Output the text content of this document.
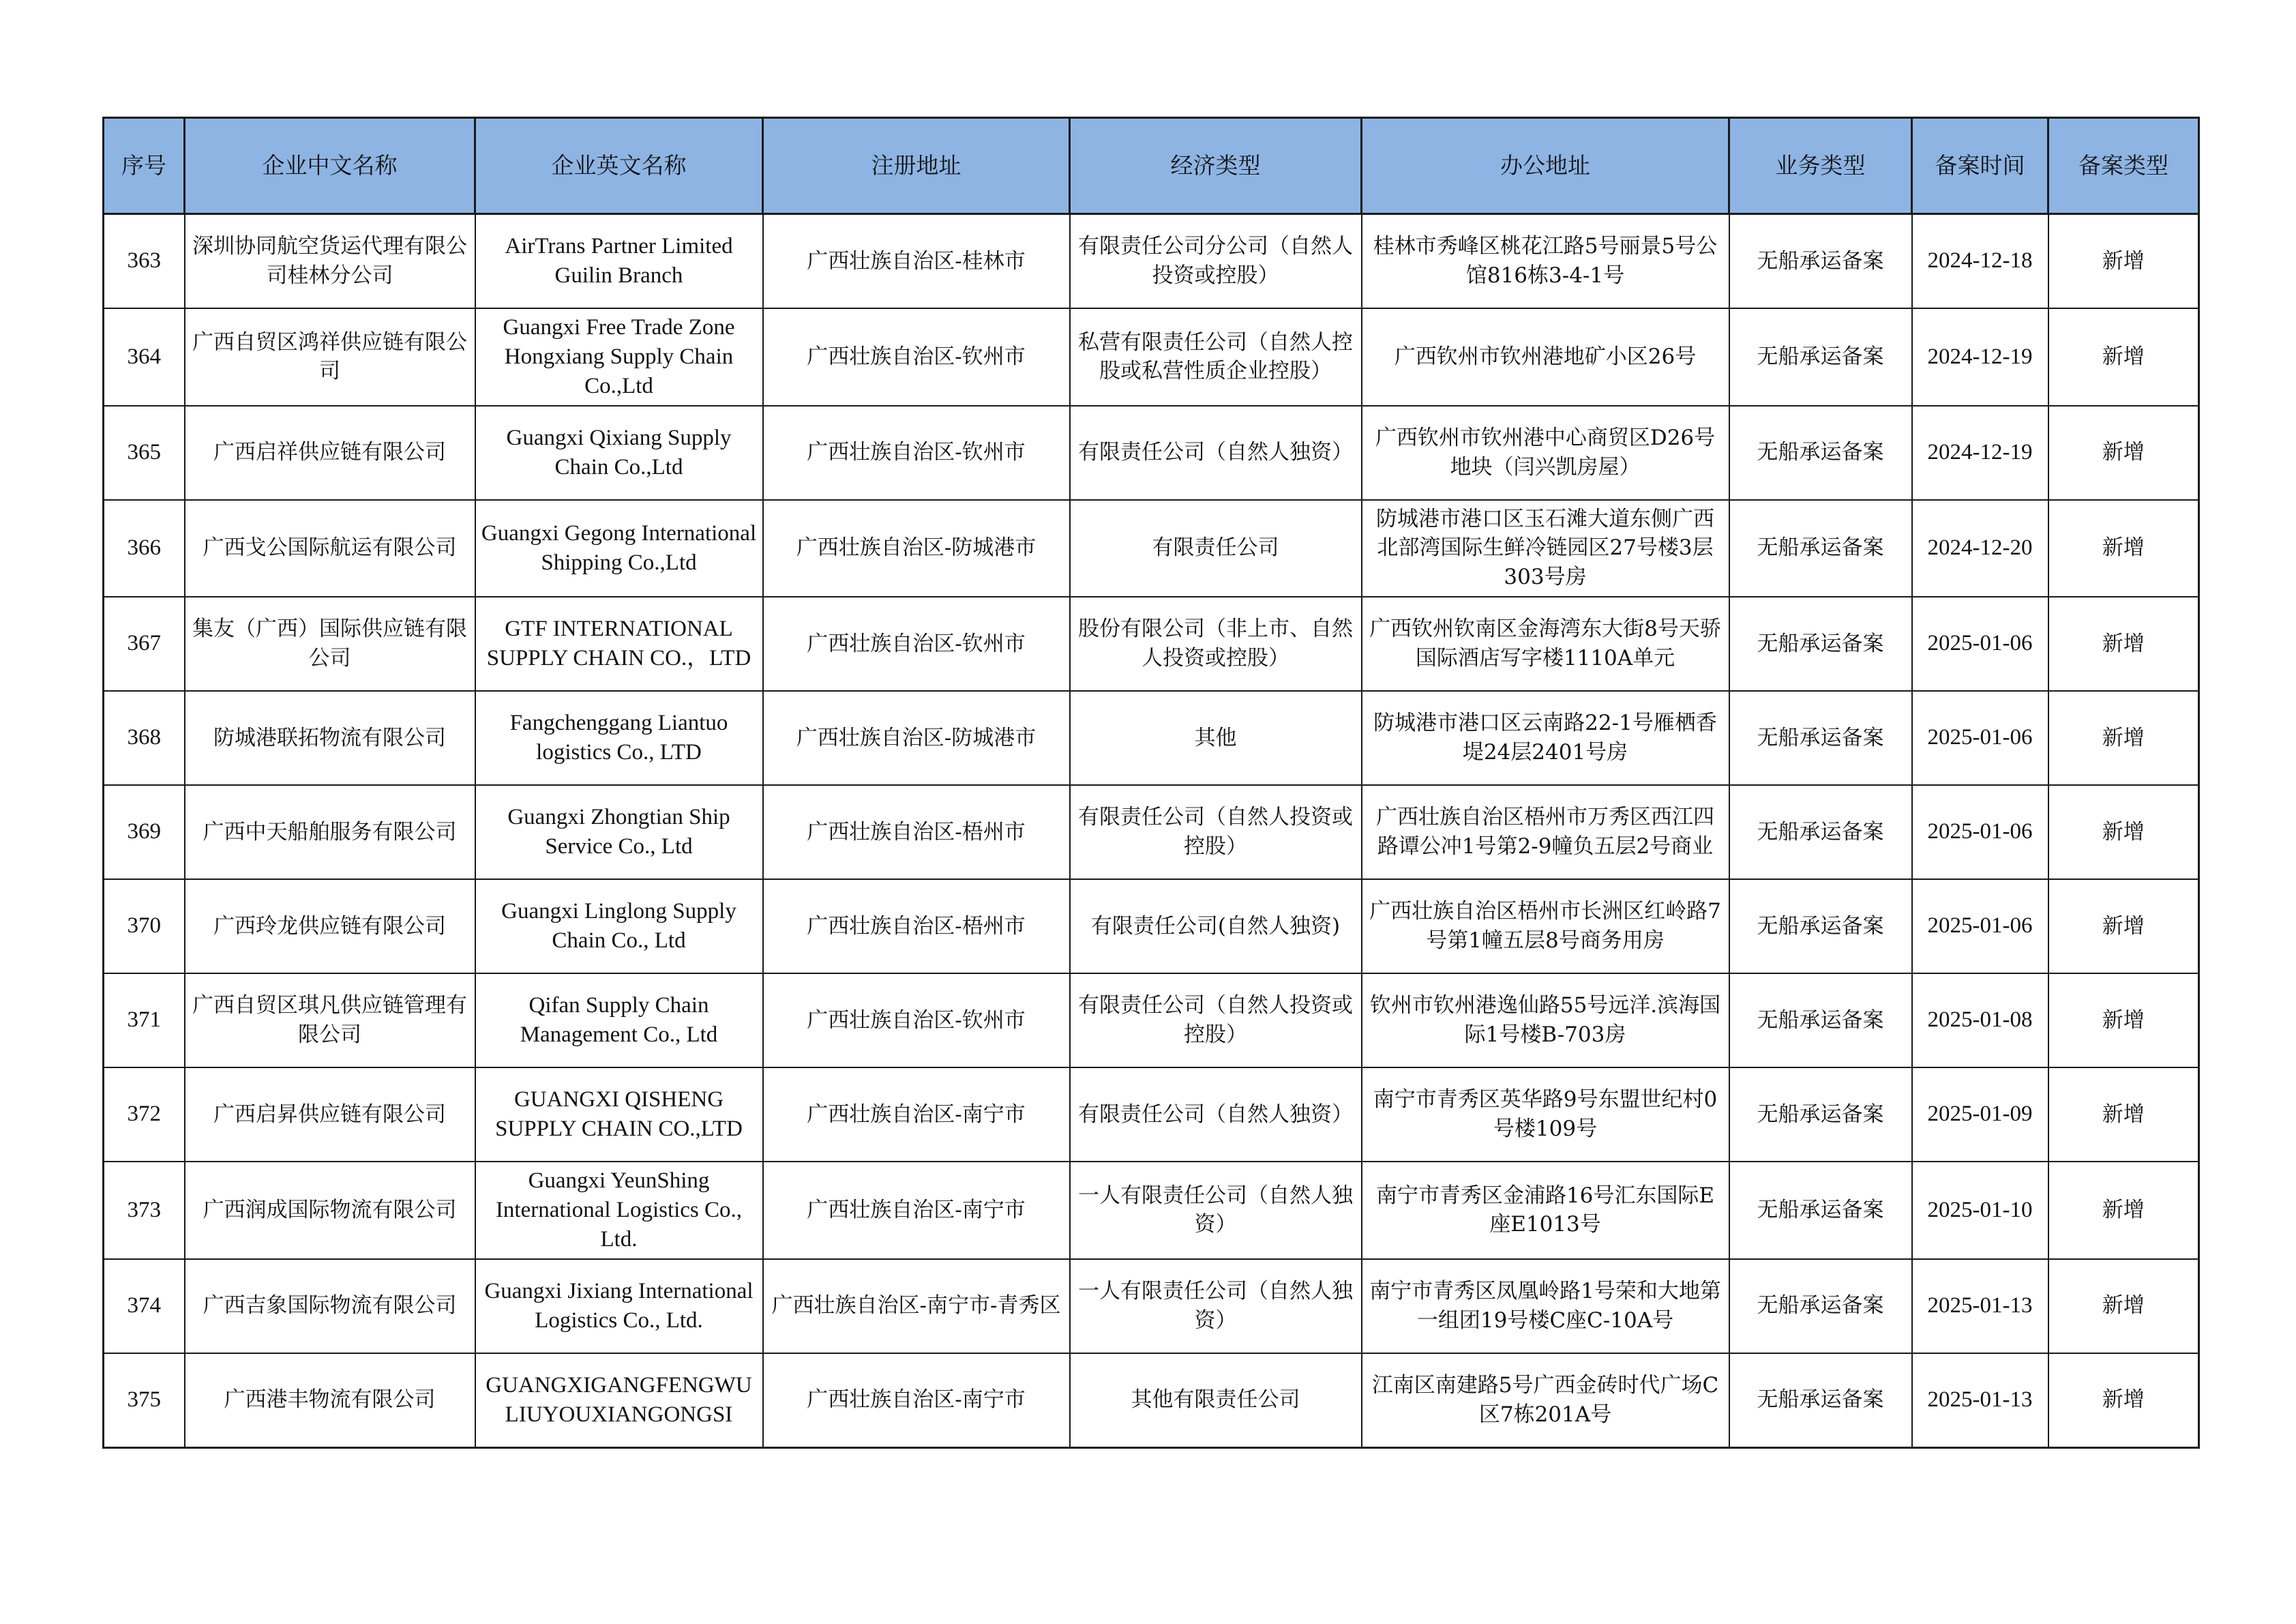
序号	企业中文名称	企业英文名称	注册地址	经济类型	办公地址	业务类型	备案时间	备案类型
363	深圳协同航空货运代理有限公司桂林分公司	AirTrans Partner Limited Guilin Branch	广西壮族自治区-桂林市	有限责任公司分公司（自然人投资或控股）	桂林市秀峰区桃花江路5号丽景5号公馆816栋3-4-1号	无船承运备案	2024-12-18	新增
364	广西自贸区鸿祥供应链有限公司	Guangxi Free Trade Zone Hongxiang Supply Chain Co.,Ltd	广西壮族自治区-钦州市	私营有限责任公司（自然人控股或私营性质企业控股）	广西钦州市钦州港地矿小区26号	无船承运备案	2024-12-19	新增
365	广西启祥供应链有限公司	Guangxi Qixiang Supply Chain Co.,Ltd	广西壮族自治区-钦州市	有限责任公司（自然人独资）	广西钦州市钦州港中心商贸区D26号地块（闫兴凯房屋）	无船承运备案	2024-12-19	新增
366	广西戈公国际航运有限公司	Guangxi Gegong International Shipping Co.,Ltd	广西壮族自治区-防城港市	有限责任公司	防城港市港口区玉石滩大道东侧广西北部湾国际生鲜冷链园区27号楼3层303号房	无船承运备案	2024-12-20	新增
367	集友（广西）国际供应链有限公司	GTF INTERNATIONAL SUPPLY CHAIN CO.，LTD	广西壮族自治区-钦州市	股份有限公司（非上市、自然人投资或控股）	广西钦州钦南区金海湾东大街8号天骄国际酒店写字楼1110A单元	无船承运备案	2025-01-06	新增
368	防城港联拓物流有限公司	Fangchenggang Liantuo logistics Co., LTD	广西壮族自治区-防城港市	其他	防城港市港口区云南路22-1号雁栖香堤24层2401号房	无船承运备案	2025-01-06	新增
369	广西中天船舶服务有限公司	Guangxi Zhongtian Ship Service Co., Ltd	广西壮族自治区-梧州市	有限责任公司（自然人投资或控股）	广西壮族自治区梧州市万秀区西江四路谭公冲1号第2-9幢负五层2号商业	无船承运备案	2025-01-06	新增
370	广西玲龙供应链有限公司	Guangxi Linglong Supply Chain Co., Ltd	广西壮族自治区-梧州市	有限责任公司(自然人独资)	广西壮族自治区梧州市长洲区红岭路7号第1幢五层8号商务用房	无船承运备案	2025-01-06	新增
371	广西自贸区琪凡供应链管理有限公司	Qifan Supply Chain Management Co., Ltd	广西壮族自治区-钦州市	有限责任公司（自然人投资或控股）	钦州市钦州港逸仙路55号远洋.滨海国际1号楼B-703房	无船承运备案	2025-01-08	新增
372	广西启昇供应链有限公司	GUANGXI QISHENG SUPPLY CHAIN CO.,LTD	广西壮族自治区-南宁市	有限责任公司（自然人独资）	南宁市青秀区英华路9号东盟世纪村0号楼109号	无船承运备案	2025-01-09	新增
373	广西润成国际物流有限公司	Guangxi YeunShing International Logistics Co., Ltd.	广西壮族自治区-南宁市	一人有限责任公司（自然人独资）	南宁市青秀区金浦路16号汇东国际E座E1013号	无船承运备案	2025-01-10	新增
374	广西吉象国际物流有限公司	Guangxi Jixiang International Logistics Co., Ltd.	广西壮族自治区-南宁市-青秀区	一人有限责任公司（自然人独资）	南宁市青秀区凤凰岭路1号荣和大地第一组团19号楼C座C-10A号	无船承运备案	2025-01-13	新增
375	广西港丰物流有限公司	GUANGXIGANGFENGWULIUYOUXIANGONGSI	广西壮族自治区-南宁市	其他有限责任公司	江南区南建路5号广西金砖时代广场C区7栋201A号	无船承运备案	2025-01-13	新增
